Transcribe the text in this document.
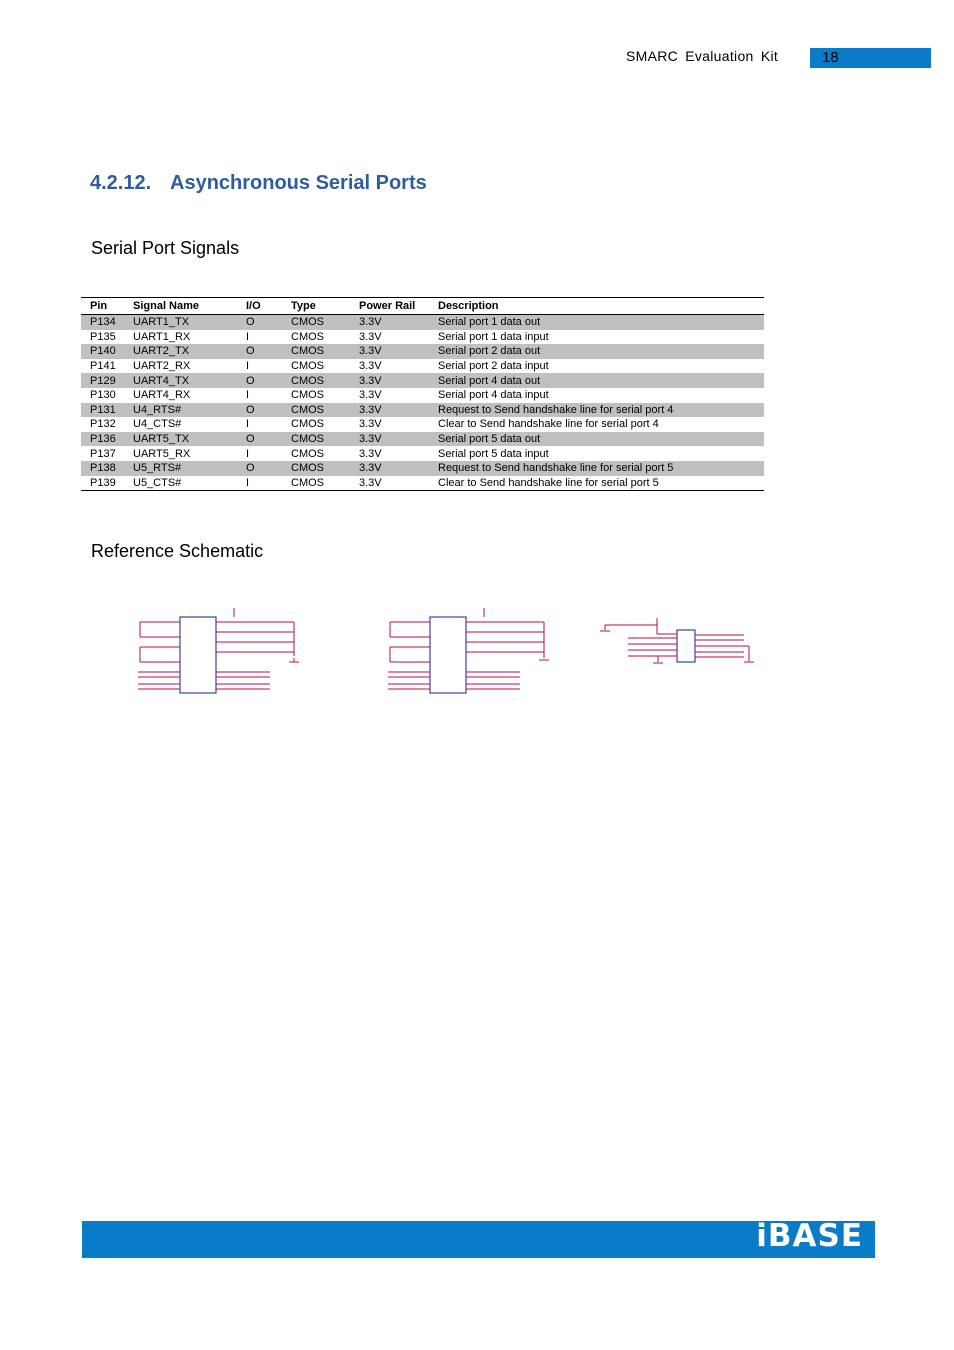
SMARC Evaluation Kit	18
4.2.12. Asynchronous Serial Ports
Serial Port Signals
Pin	Signal Name	I/O	Type	Power Rail	Description
P134	UART1_TX	O	CMOS	3.3V	Serial port 1 data out
P135	UART1_RX	I	CMOS	3.3V	Serial port 1 data input
P140	UART2_TX	O	CMOS	3.3V	Serial port 2 data out
P141	UART2_RX	I	CMOS	3.3V	Serial port 2 data input
P129	UART4_TX	O	CMOS	3.3V	Serial port 4 data out
P130	UART4_RX	I	CMOS	3.3V	Serial port 4 data input
P131	U4_RTS#	O	CMOS	3.3V	Request to Send handshake line for serial port 4
P132	U4_CTS#	I	CMOS	3.3V	Clear to Send handshake line for serial port 4
P136	UART5_TX	O	CMOS	3.3V	Serial port 5 data out
P137	UART5_RX	I	CMOS	3.3V	Serial port 5 data input
P138	U5_RTS#	O	CMOS	3.3V	Request to Send handshake line for serial port 5
P139	U5_CTS#	I	CMOS	3.3V	Clear to Send handshake line for serial port 5
Reference Schematic
iBASE
